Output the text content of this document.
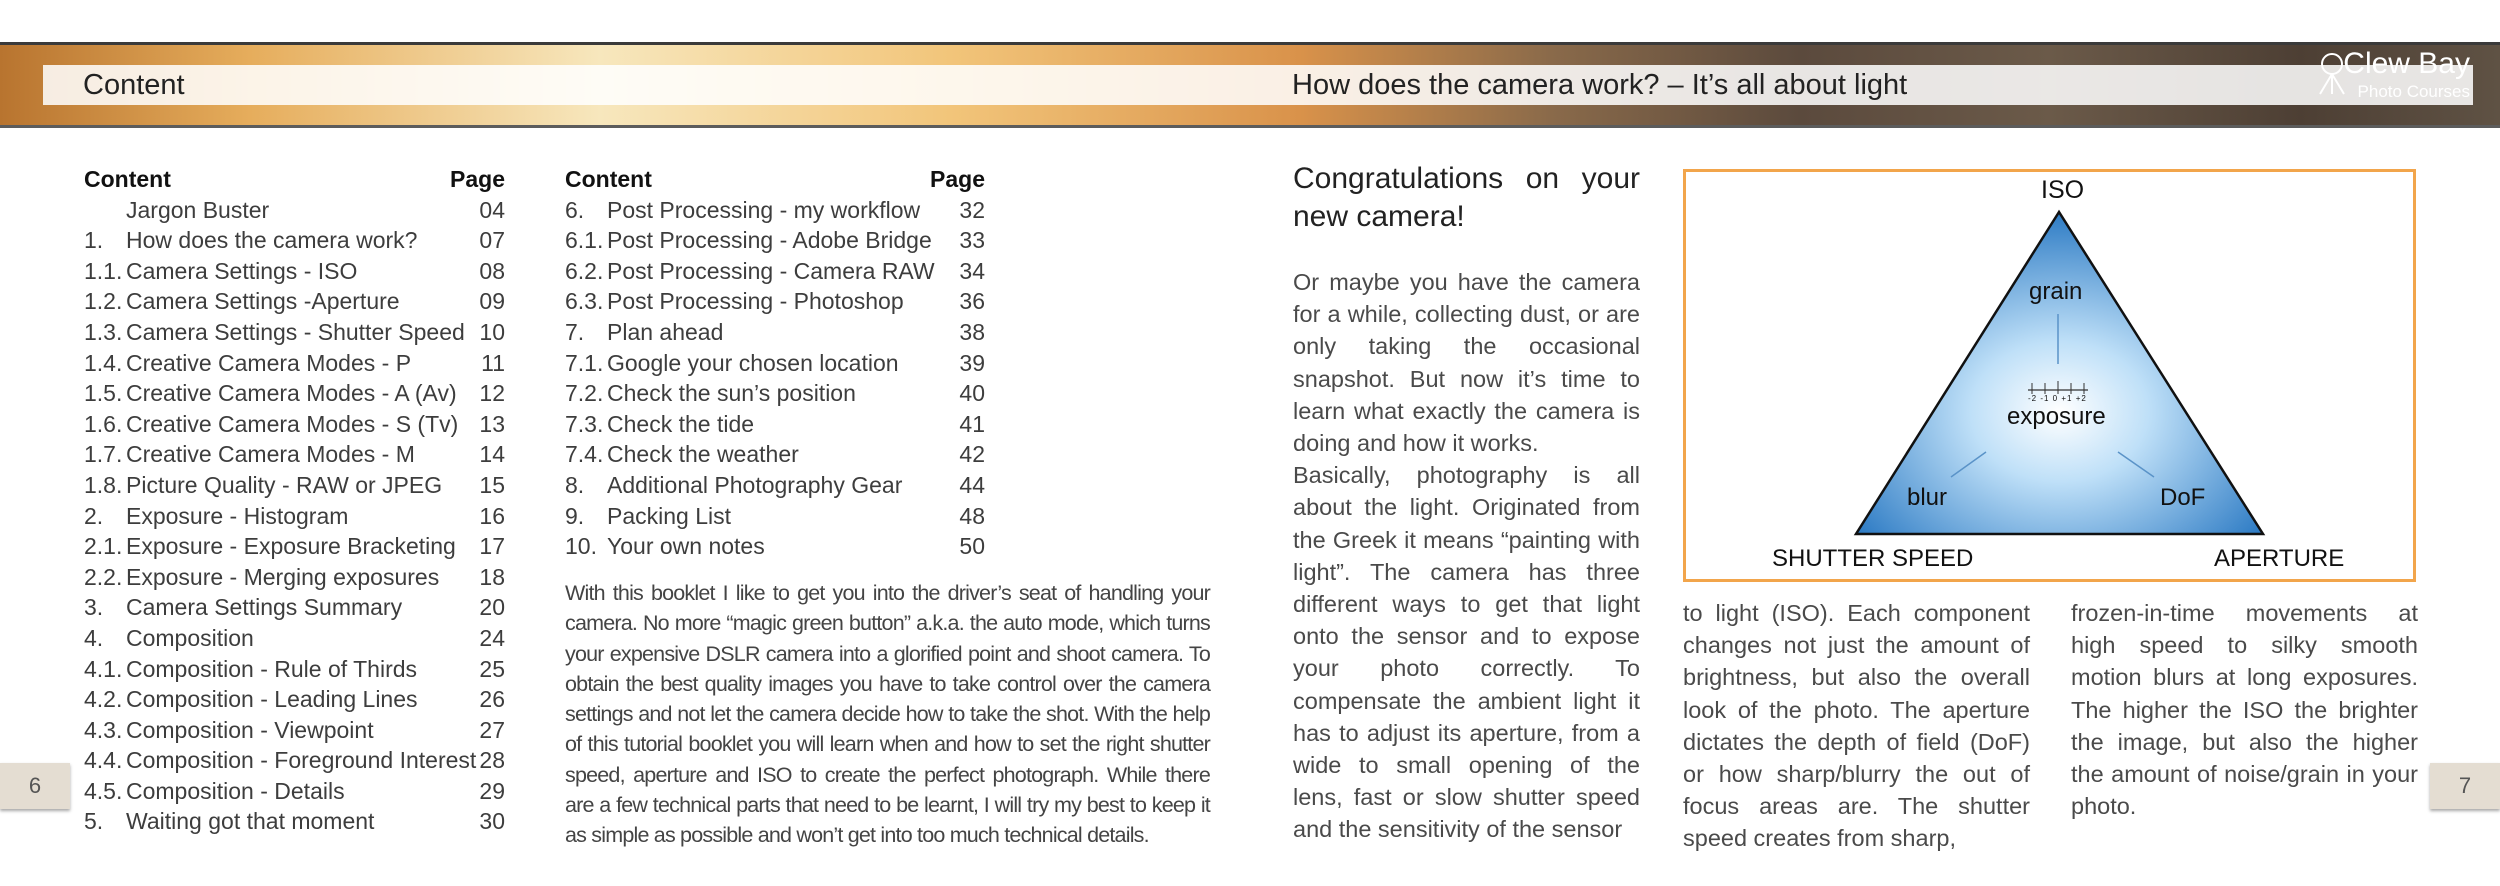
Content	How does the camera work? – It’s all about light
Clew Bay
Photo Courses
Content	Page
Jargon Buster	04
1. How does the camera work?	07
1.1. Camera Settings - ISO	08
1.2. Camera Settings -Aperture	09
1.3. Camera Settings - Shutter Speed 10
1.4. Creative Camera Modes - P	11
1.5. Creative Camera Modes - A (Av) 12
1.6. Creative Camera Modes - S (Tv) 13
1.7. Creative Camera Modes - M	14
1.8. Picture Quality - RAW or JPEG 15
2. Exposure - Histogram	16
2.1. Exposure - Exposure Bracketing 17
2.2. Exposure - Merging exposures 18
3. Camera Settings Summary	20
4. Composition	24
4.1. Composition - Rule of Thirds	25
4.2. Composition - Leading Lines	26
4.3. Composition - Viewpoint	27
4.4. Composition - Foreground Interest 28
4.5. Composition - Details	29
5. Waiting got that moment	30
Content	Page
6. Post Processing - my workflow 32
6.1. Post Processing - Adobe Bridge 33
6.2. Post Processing - Camera RAW 34
6.3. Post Processing - Photoshop 36
7. Plan ahead	38
7.1. Google your chosen location	39
7.2. Check the sun’s position	40
7.3. Check the tide	41
7.4. Check the weather	42
8. Additional Photography Gear 44
9. Packing List	48
10. Your own notes	50
With this booklet I like to get you into the driver’s seat of handling your camera. No more “magic green button” a.k.a. the auto mode, which turns your expensive DSLR camera into a glorified point and shoot camera. To obtain the best quality images you have to take control over the camera settings and not let the camera decide how to take the shot. With the help of this tutorial booklet you will learn when and how to set the right shutter speed, aperture and ISO to create the perfect photograph. While there are a few technical parts that need to be learnt, I will try my best to keep it as simple as possible and won’t get into too much technical details.
Congratulations on your new camera!
Or maybe you have the camera for a while, collecting dust, or are only taking the occasional snapshot. But now it’s time to learn what exactly the camera is doing and how it works.
Basically, photography is all about the light. Originated from the Greek it means “painting with light”. The camera has three different ways to get that light onto the sensor and to expose your photo correctly. To compensate the ambient light it has to adjust its aperture, from a wide to small opening of the lens, fast or slow shutter speed and the sensitivity of the sensor
to light (ISO). Each component changes not just the amount of brightness, but also the overall look of the photo. The aperture dictates the depth of field (DoF) or how sharp/blurry the out of focus areas are. The shutter speed creates from sharp,
frozen-in-time movements at high speed to silky smooth motion blurs at long exposures. The higher the ISO the brighter the image, but also the higher the amount of noise/grain in your photo.
ISO
grain
-2 -1 0 +1 +2
exposure
blur	DoF
SHUTTER SPEED	APERTURE
6	7
